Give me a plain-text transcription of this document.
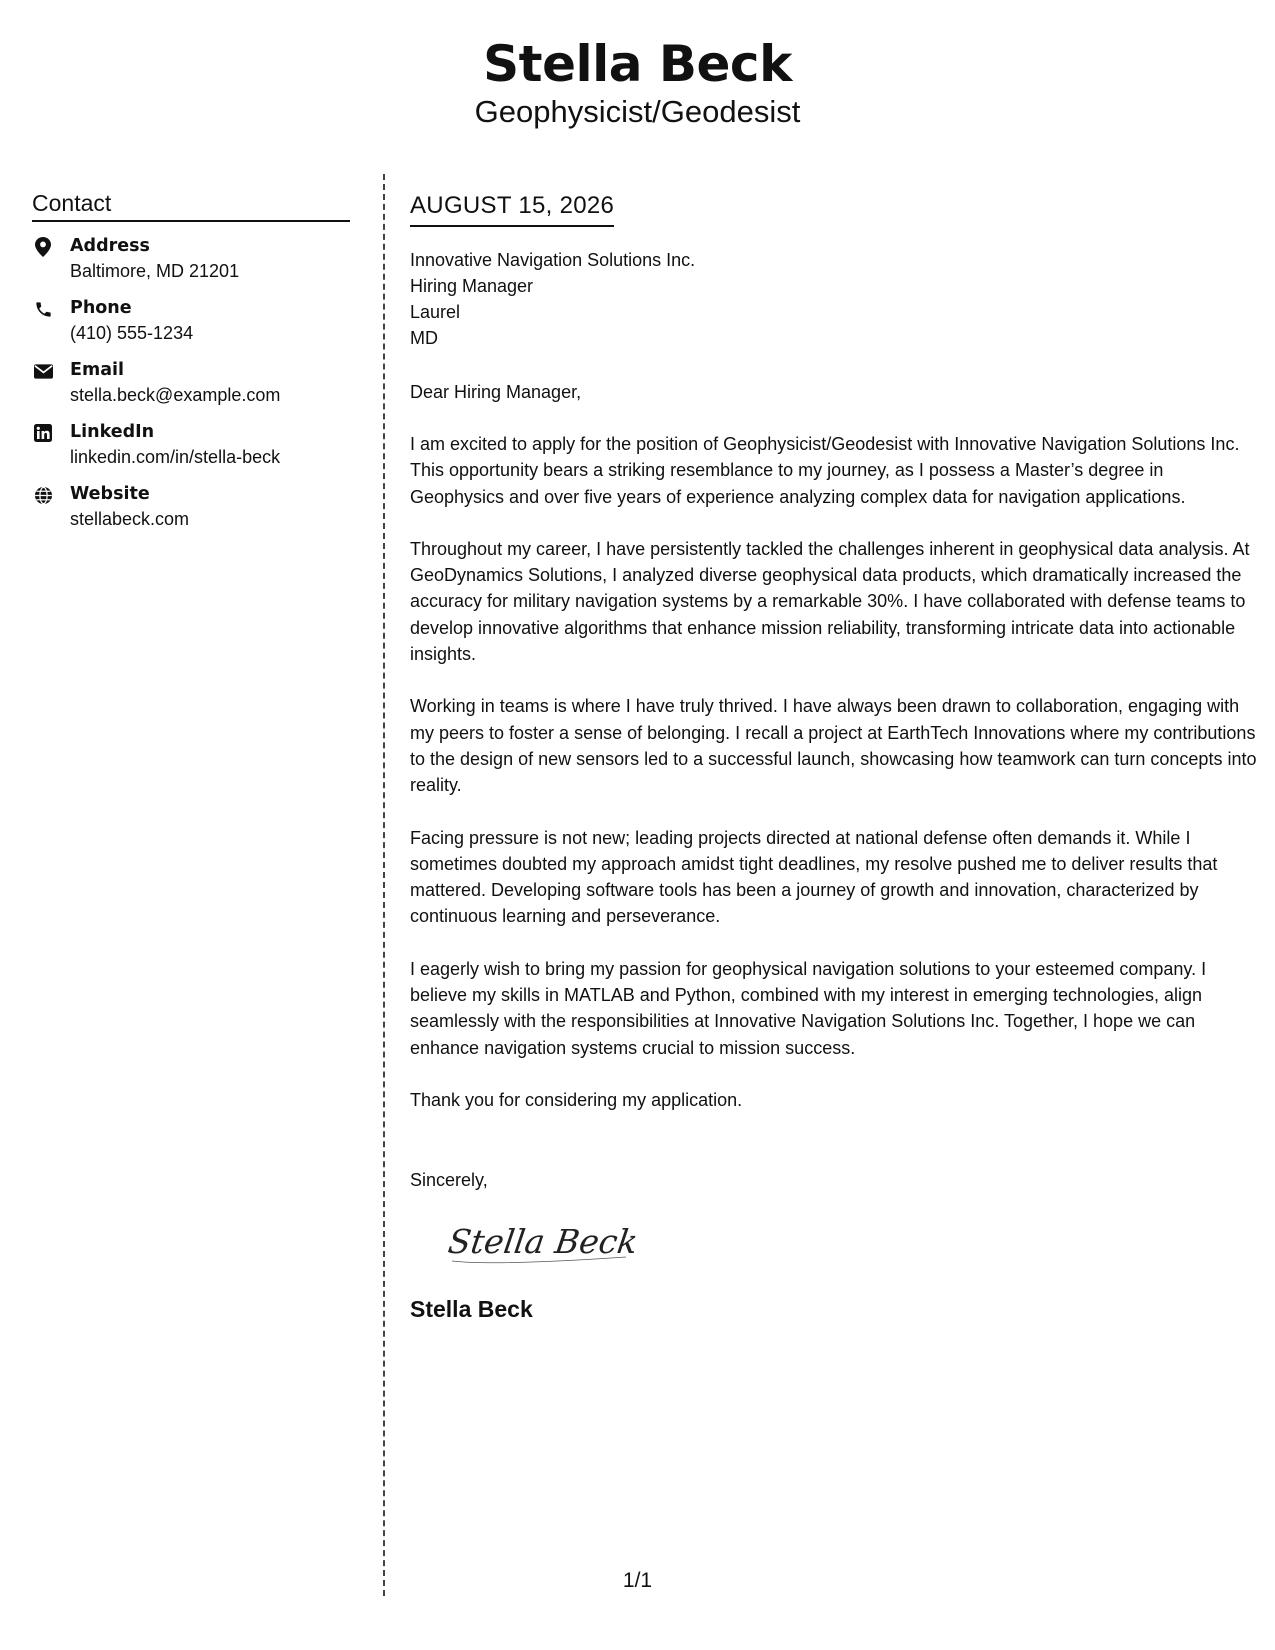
Stella Beck
Geophysicist/Geodesist
Contact
Address
Baltimore, MD 21201
Phone
(410) 555-1234
Email
stella.beck@example.com
LinkedIn
linkedin.com/in/stella-beck
Website
stellabeck.com
AUGUST 15, 2026
Innovative Navigation Solutions Inc.
Hiring Manager
Laurel
MD
Dear Hiring Manager,
I am excited to apply for the position of Geophysicist/Geodesist with Innovative Navigation Solutions Inc. This opportunity bears a striking resemblance to my journey, as I possess a Master’s degree in Geophysics and over five years of experience analyzing complex data for navigation applications.
Throughout my career, I have persistently tackled the challenges inherent in geophysical data analysis. At GeoDynamics Solutions, I analyzed diverse geophysical data products, which dramatically increased the accuracy for military navigation systems by a remarkable 30%. I have collaborated with defense teams to develop innovative algorithms that enhance mission reliability, transforming intricate data into actionable insights.
Working in teams is where I have truly thrived. I have always been drawn to collaboration, engaging with my peers to foster a sense of belonging. I recall a project at EarthTech Innovations where my contributions to the design of new sensors led to a successful launch, showcasing how teamwork can turn concepts into reality.
Facing pressure is not new; leading projects directed at national defense often demands it. While I sometimes doubted my approach amidst tight deadlines, my resolve pushed me to deliver results that mattered. Developing software tools has been a journey of growth and innovation, characterized by continuous learning and perseverance.
I eagerly wish to bring my passion for geophysical navigation solutions to your esteemed company. I believe my skills in MATLAB and Python, combined with my interest in emerging technologies, align seamlessly with the responsibilities at Innovative Navigation Solutions Inc. Together, I hope we can enhance navigation systems crucial to mission success.
Thank you for considering my application.
Sincerely,
Stella Beck
Stella Beck
1/1
